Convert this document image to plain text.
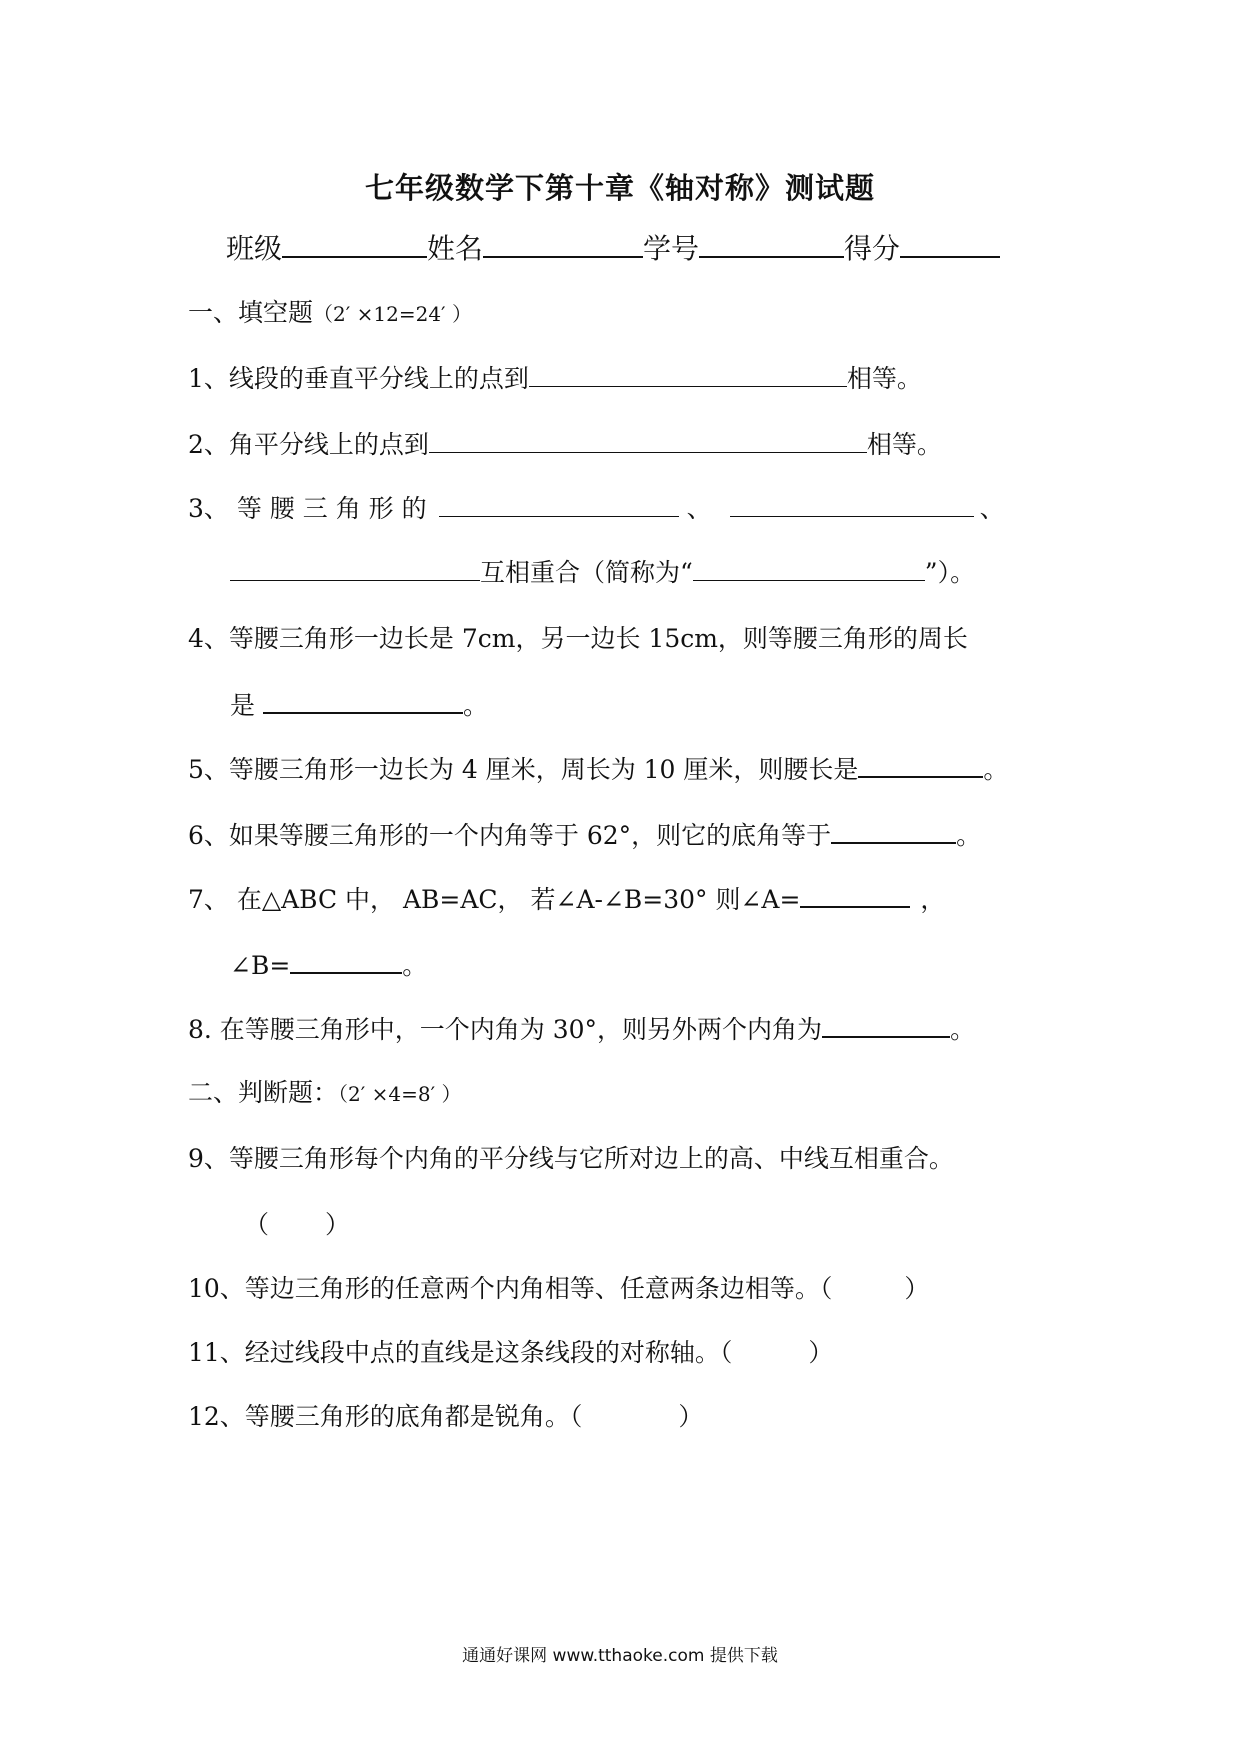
七年级数学下第十章《轴对称》测试题
班级	姓名	学号	得分
一、填空题（2′ ×12=24′ ）
1、线段的垂直平分线上的点到	相等。
2、角平分线上的点到	相等。
3、 等 腰 三 角 形 的	、	、
互相重合（简称为“	”）。
4、等腰三角形一边长是 7cm，另一边长 15cm，则等腰三角形的周长
是	。
5、等腰三角形一边长为 4 厘米，周长为 10 厘米，则腰长是	。
6、如果等腰三角形的一个内角等于 62°，则它的底角等于	。
7、 在△ABC 中， AB=AC， 若∠A-∠B=30° 则∠A=	，
∠B=	。
8. 在等腰三角形中，一个内角为 30°，则另外两个内角为	。
二、判断题：（2′ ×4=8′ ）
9、等腰三角形每个内角的平分线与它所对边上的高、中线互相重合。
（ ）
10、等边三角形的任意两个内角相等、任意两条边相等。（	）
11、经过线段中点的直线是这条线段的对称轴。（	）
12、等腰三角形的底角都是锐角。（	）
通通好课网 www.tthaoke.com 提供下载
